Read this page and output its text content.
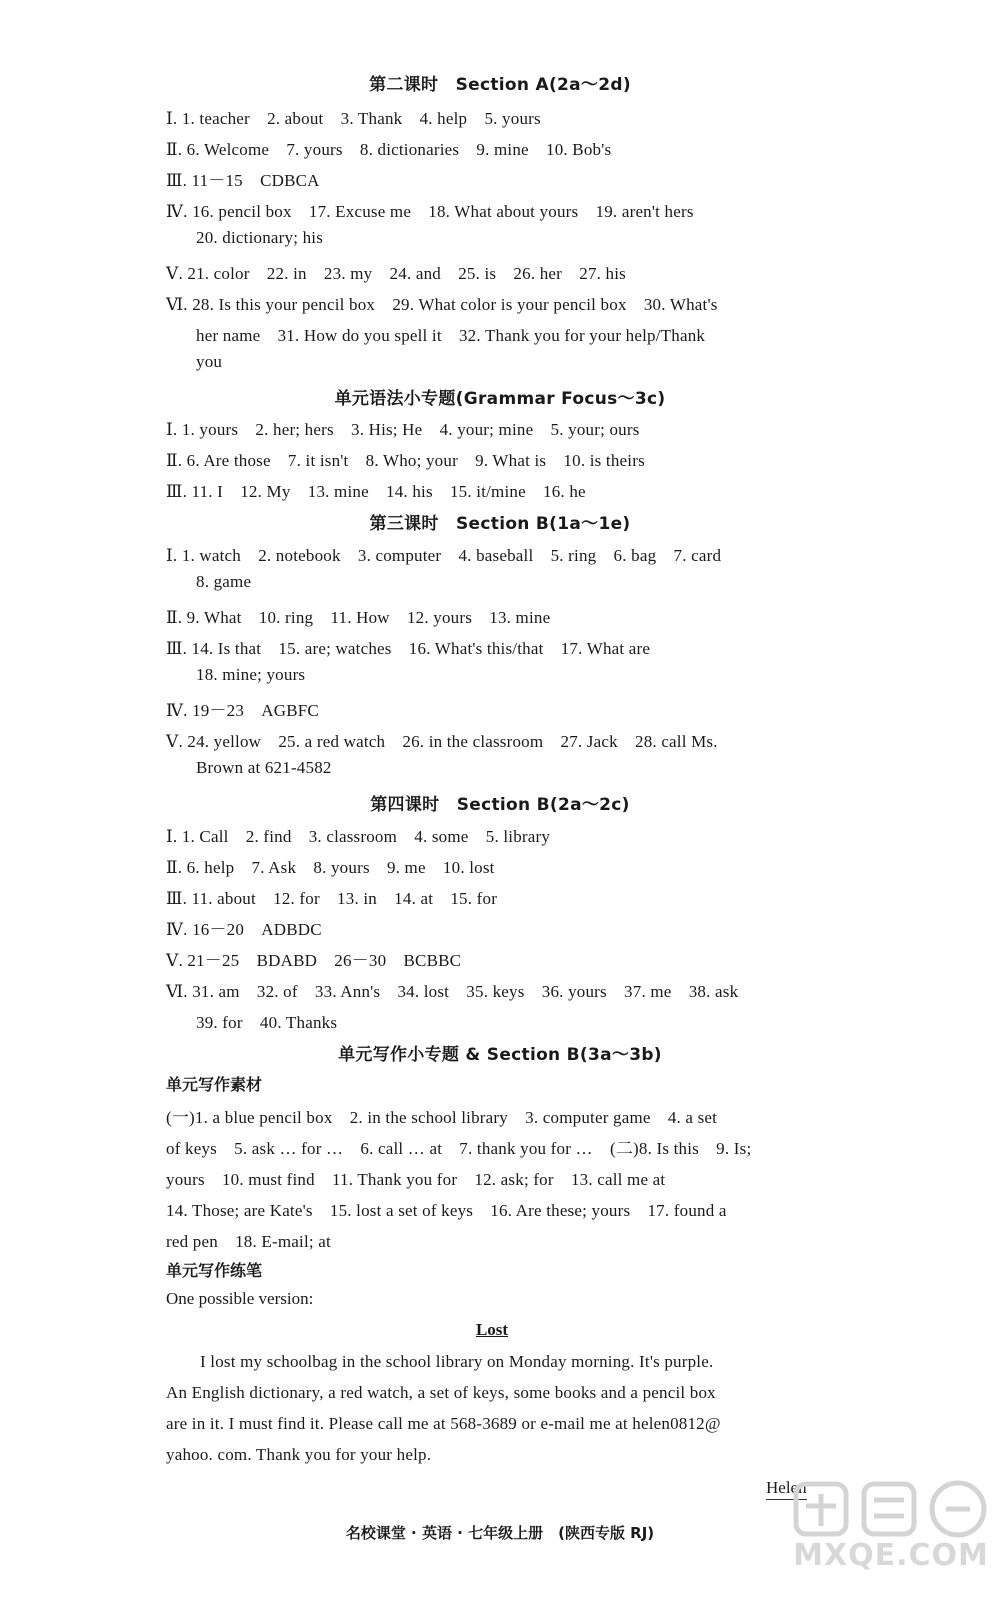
第二课时　Section A(2a～2d)
Ⅰ. 1. teacher　2. about　3. Thank　4. help　5. yours
Ⅱ. 6. Welcome　7. yours　8. dictionaries　9. mine　10. Bob's
Ⅲ. 11－15　CDBCA
Ⅳ. 16. pencil box　17. Excuse me　18. What about yours　19. aren't hers
20. dictionary; his
Ⅴ. 21. color　22. in　23. my　24. and　25. is　26. her　27. his
Ⅵ. 28. Is this your pencil box　29. What color is your pencil box　30. What's
her name　31. How do you spell it　32. Thank you for your help/Thank
you
单元语法小专题(Grammar Focus～3c)
Ⅰ. 1. yours　2. her; hers　3. His; He　4. your; mine　5. your; ours
Ⅱ. 6. Are those　7. it isn't　8. Who; your　9. What is　10. is theirs
Ⅲ. 11. I　12. My　13. mine　14. his　15. it/mine　16. he
第三课时　Section B(1a～1e)
Ⅰ. 1. watch　2. notebook　3. computer　4. baseball　5. ring　6. bag　7. card
8. game
Ⅱ. 9. What　10. ring　11. How　12. yours　13. mine
Ⅲ. 14. Is that　15. are; watches　16. What's this/that　17. What are
18. mine; yours
Ⅳ. 19－23　AGBFC
Ⅴ. 24. yellow　25. a red watch　26. in the classroom　27. Jack　28. call Ms.
Brown at 621-4582
第四课时　Section B(2a～2c)
Ⅰ. 1. Call　2. find　3. classroom　4. some　5. library
Ⅱ. 6. help　7. Ask　8. yours　9. me　10. lost
Ⅲ. 11. about　12. for　13. in　14. at　15. for
Ⅳ. 16－20　ADBDC
Ⅴ. 21－25　BDABD　26－30　BCBBC
Ⅵ. 31. am　32. of　33. Ann's　34. lost　35. keys　36. yours　37. me　38. ask
39. for　40. Thanks
单元写作小专题 & Section B(3a～3b)
单元写作素材
(一)1. a blue pencil box　2. in the school library　3. computer game　4. a set
of keys　5. ask … for …　6. call … at　7. thank you for …　(二)8. Is this　9. Is;
yours　10. must find　11. Thank you for　12. ask; for　13. call me at
14. Those; are Kate's　15. lost a set of keys　16. Are these; yours　17. found a
red pen　18. E-mail; at
单元写作练笔
One possible version:
Lost
I lost my schoolbag in the school library on Monday morning. It's purple.
An English dictionary, a red watch, a set of keys, some books and a pencil box
are in it. I must find it. Please call me at 568-3689 or e-mail me at helen0812@
yahoo. com. Thank you for your help.
Helen
名校课堂 · 英语 · 七年级上册　(陕西专版 RJ)
MXQE.COM
